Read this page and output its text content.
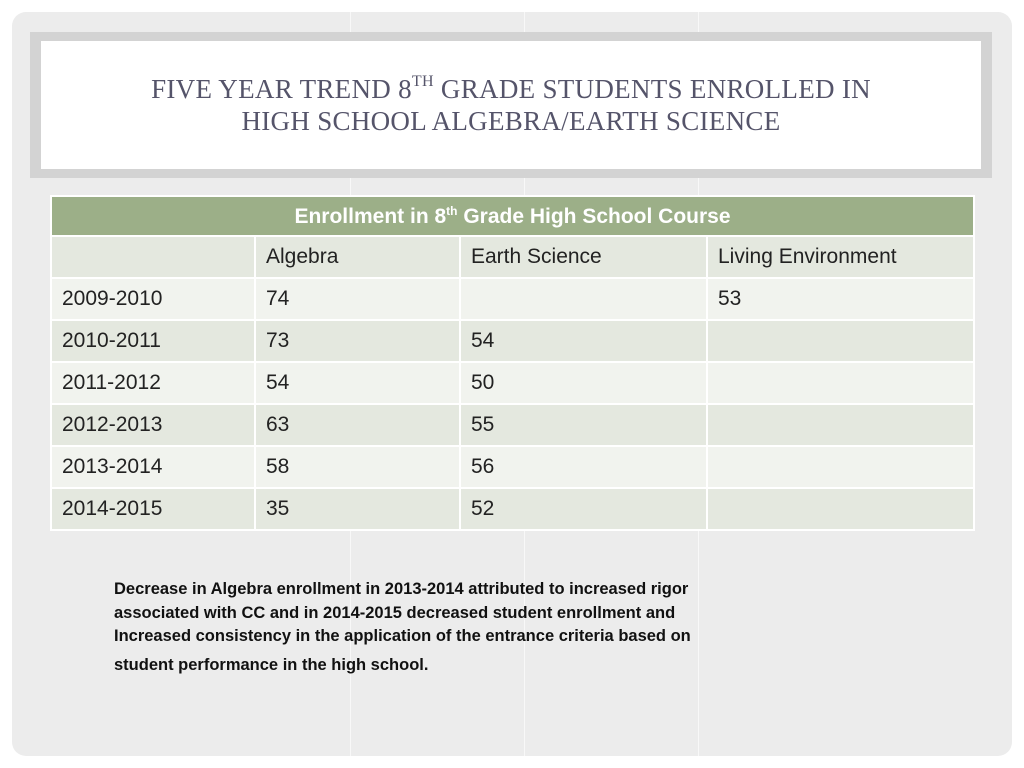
FIVE YEAR TREND 8TH GRADE STUDENTS ENROLLED IN
HIGH SCHOOL ALGEBRA/EARTH SCIENCE
Enrollment in 8th Grade High School Course			
	Algebra	Earth Science	Living Environment
2009-2010	74		53
2010-2011	73	54	
2011-2012	54	50	
2012-2013	63	55	
2013-2014	58	56	
2014-2015	35	52	
Decrease in Algebra enrollment in 2013-2014 attributed to increased rigor
associated with CC and in 2014-2015 decreased student enrollment and
Increased consistency in the application of the entrance criteria based on
student performance in the high school.
